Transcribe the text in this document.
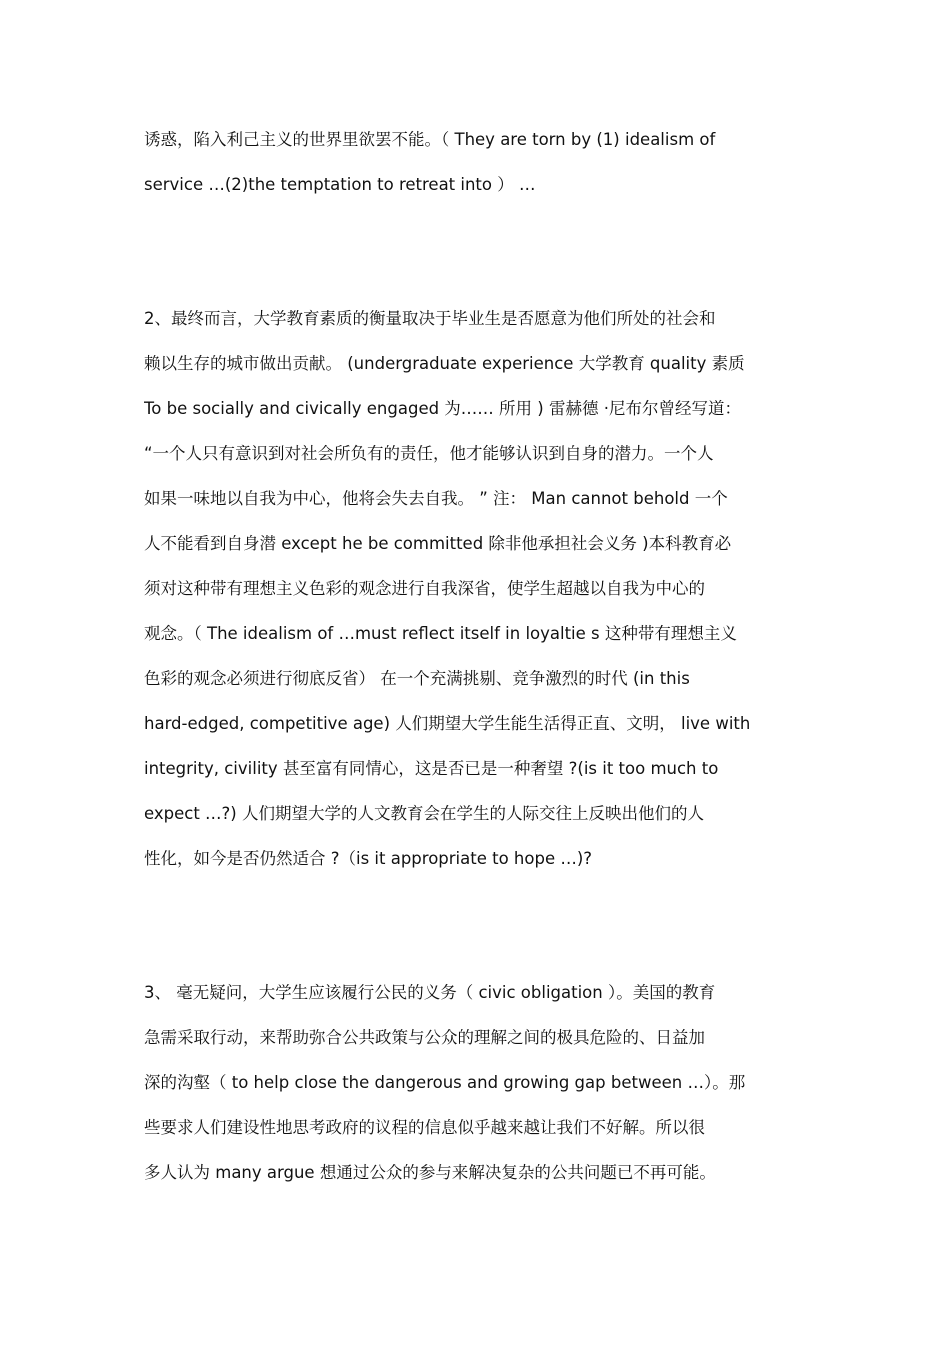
诱惑，陷入利己主义的世界里欲罢不能。（ They are torn by (1) idealism of
service …(2)the temptation to retreat into ） …
2、最终而言，大学教育素质的衡量取决于毕业生是否愿意为他们所处的社会和
赖以生存的城市做出贡献。 (undergraduate experience 大学教育 quality 素质
To be socially and civically engaged 为…… 所用 ) 雷赫德 ·尼布尔曾经写道：
“一个人只有意识到对社会所负有的责任，他才能够认识到自身的潜力。一个人
如果一味地以自我为中心，他将会失去自我。 ” 注： Man cannot behold 一个
人不能看到自身潜 except he be committed 除非他承担社会义务 )本科教育必
须对这种带有理想主义色彩的观念进行自我深省，使学生超越以自我为中心的
观念。（ The idealism of …must reflect itself in loyaltie s 这种带有理想主义
色彩的观念必须进行彻底反省） 在一个充满挑剔、竞争激烈的时代 (in this
hard-edged, competitive age) 人们期望大学生能生活得正直、文明， live with
integrity, civility 甚至富有同情心，这是否已是一种奢望 ?(is it too much to
expect …?) 人们期望大学的人文教育会在学生的人际交往上反映出他们的人
性化，如今是否仍然适合 ?（is it appropriate to hope …)?
3、 毫无疑问，大学生应该履行公民的义务（ civic obligation ）。美国的教育
急需采取行动，来帮助弥合公共政策与公众的理解之间的极具危险的、日益加
深的沟壑（ to help close the dangerous and growing gap between …）。那
些要求人们建设性地思考政府的议程的信息似乎越来越让我们不好解。所以很
多人认为 many argue 想通过公众的参与来解决复杂的公共问题已不再可能。
